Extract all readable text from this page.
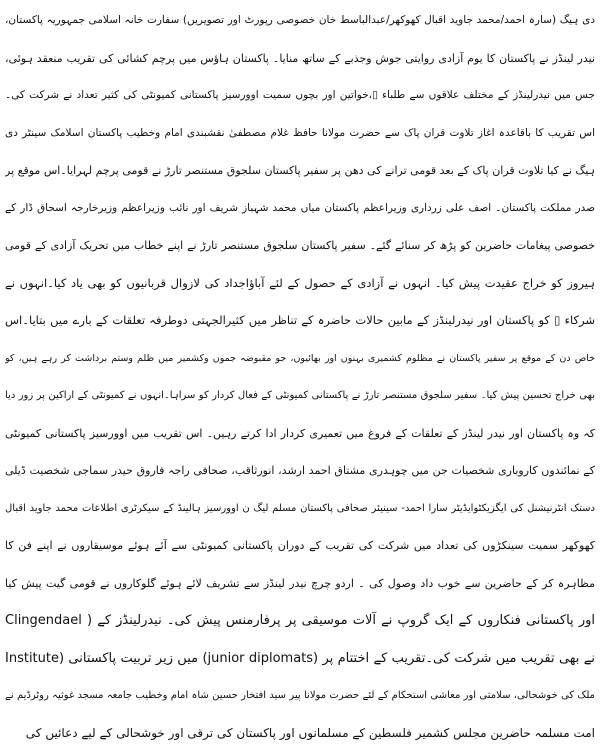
دی ہیگ (سارہ احمد/محمد جاوید اقبال کھوکھر/عبدالباسط خان خصوصی رپورٹ اور تصویریں) سفارت خانہ اسلامی جمہوریہ پاکستان،
نیدر لینڈز نے پاکستان کا یوم آزادی روایتی جوش وجذبے کے ساتھ منایا۔ پاکستان ہاؤس میں پرچم کشائی کی تقریب منعقد ہوئی،
جس میں نیدرلینڈز کے مختلف علاقوں سے طلباء ▯،خواتین اور بچوں سمیت اوورسیز پاکستانی کمیونٹی کی کثیر تعداد نے شرکت کی۔
اس تقریب کا باقاعدہ اغاز تلاوت قران پاک سے حضرت مولانا حافظ غلام مصطفیٰ نقشبندی امام وخطیب پاکستان اسلامک سینٹر دی
ہیگ نے کیا تلاوت قران پاک کے بعد قومی ترانے کی دھن پر سفیر پاکستان سلجوق مستنصر تارڑ نے قومی پرچم لہرایا۔اس موقع پر
صدر مملکت پاکستان۔ اصف علی زرداری وزیراعظم پاکستان میاں محمد شہباز شریف اور نائب وزیراعظم وزیرخارجہ اسحاق ڈار کے
خصوصی پیغامات حاضرین کو پڑھ کر سنائے گئے۔ سفیر پاکستان سلجوق مستنصر تارڑ نے اپنے خطاب میں تحریک آزادی کے قومی
ہیروز کو خراج عقیدت پیش کیا۔ انہوں نے آزادی کے حصول کے لئے آباؤاجداد کی لازوال قربانیوں کو بھی یاد کیا۔انہوں نے
شرکاء ▯ کو پاکستان اور نیدرلینڈز کے مابین حالات حاضرہ کے تناظر میں کثیرالجہتی دوطرفہ تعلقات کے بارے میں بتایا۔اس
خاص دن کے موقع پر سفیر پاکستان نے مظلوم کشمیری بہنوں اور بھائیوں، جو مقبوضہ جموں وکشمیر میں ظلم وستم برداشت کر رہے ہیں، کو
بھی خراج تحسین پیش کیا۔ سفیر سلجوق مستنصر تارڑ نے پاکستانی کمیونٹی کے فعال کردار کو سراہا۔انہوں نے کمیونٹی کے اراکین پر زور دیا
کہ وہ پاکستان اور نیدر لینڈز کے تعلقات کے فروغ میں تعمیری کردار ادا کرتے رہیں۔ اس تقریب میں اوورسیز پاکستانی کمیونٹی
کے نمائندوں کاروباری شخصیات جن میں چوہدری مشتاق احمد ارشد، انورثاقب، صحافی راجہ فاروق حیدر سماجی شخصیت ڈیلی
دستک انٹرنیشنل کی ایگزیکٹوایڈیٹر سارا احمد- سینیئر صحافی پاکستان مسلم لیگ ن اوورسیز ہالینڈ کے سیکرٹری اطلاعات محمد جاوید اقبال
کھوکھر سمیت سینکڑوں کی تعداد میں شرکت کی تقریب کے دوران پاکستانی کمیونٹی سے آئے ہوئے موسیقاروں نے اپنے فن کا
مظاہرہ کر کے حاضرین سے خوب داد وصول کی ۔ اردو چرچ نیدر لینڈز سے تشریف لائے ہوئے گلوکاروں نے قومی گیت پیش کیا
اور پاکستانی فنکاروں کے ایک گروپ نے آلات موسیقی پر پرفارمنس پیش کی۔ نیدرلینڈز کے ( Clingendael
Institute) میں زیر تربیت پاکستانی (junior diplomats) نے بھی تقریب میں شرکت کی۔تقریب کے اختتام پر
ملک کی خوشحالی، سلامتی اور معاشی استحکام کے لئے حضرت مولانا پیر سید افتخار حسین شاہ امام وخطیب جامعہ مسجد غوثیہ روٹرڈیم نے
امت مسلمہ حاضرین مجلس کشمیر فلسطین کے مسلمانوں اور پاکستان کی ترقی اور خوشحالی کے لیے دعائیں کی
